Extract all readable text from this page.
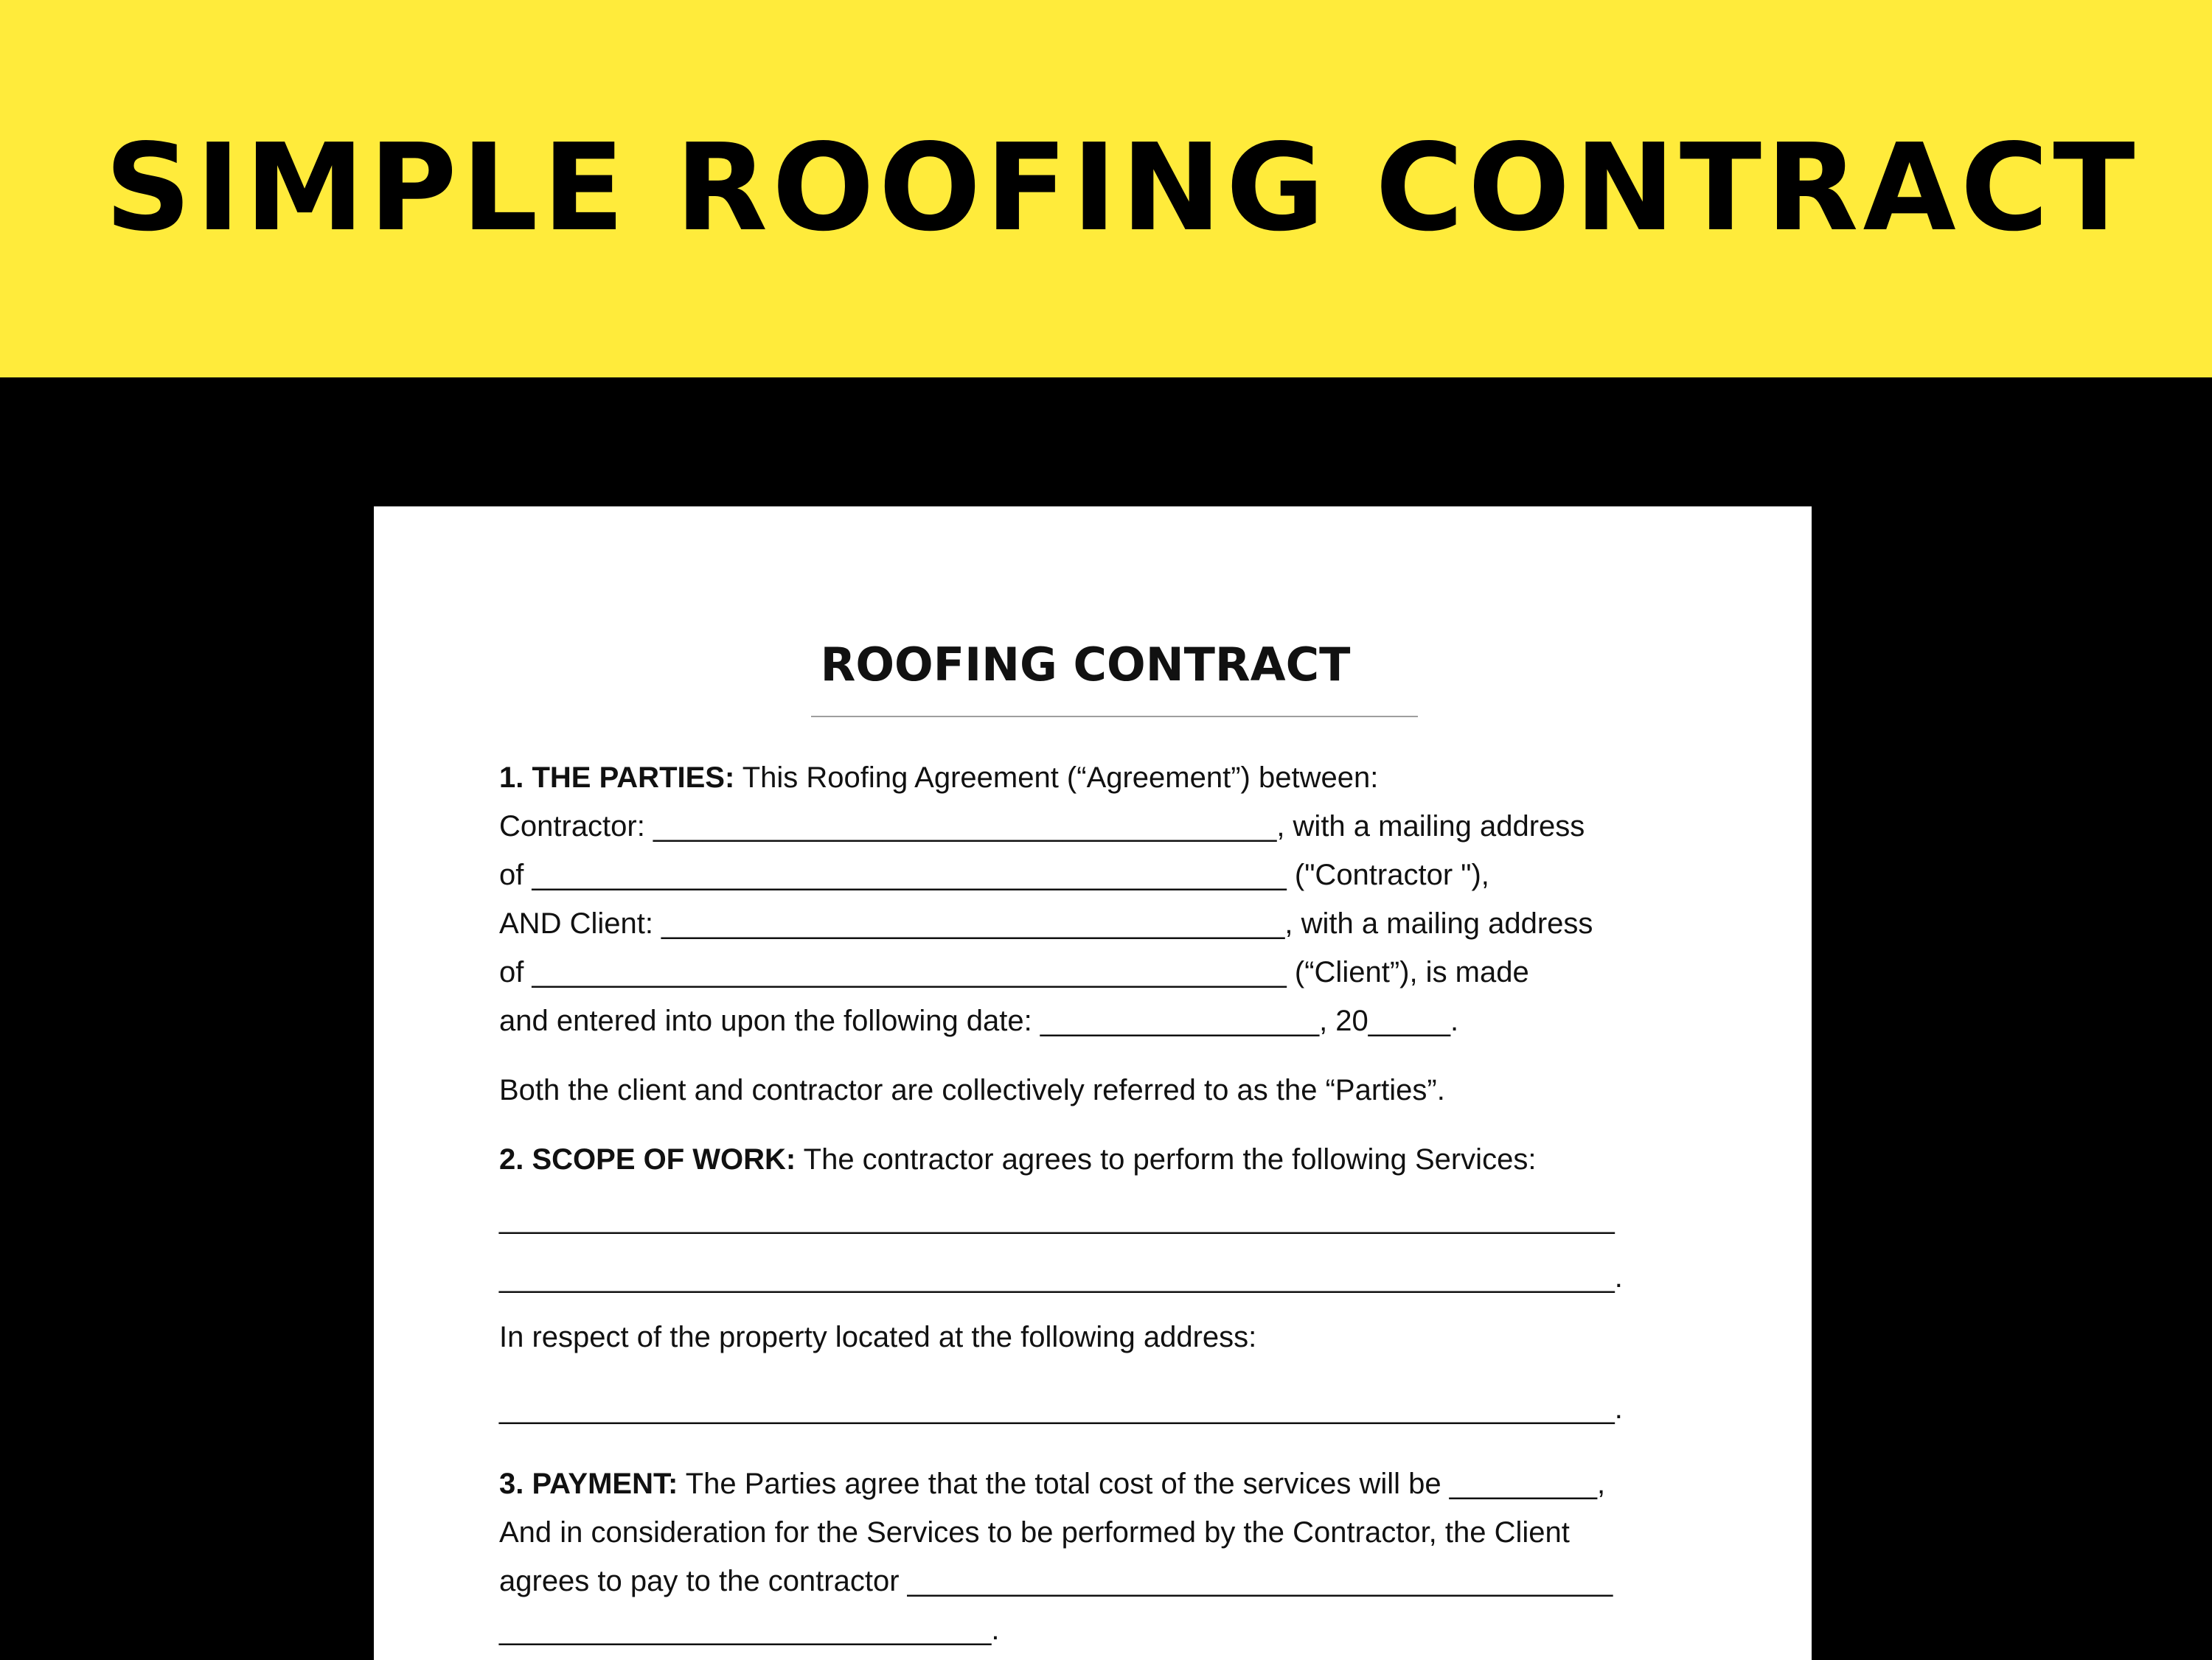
SIMPLE ROOFING CONTRACT
ROOFING CONTRACT

1. THE PARTIES: This Roofing Agreement (“Agreement”) between:

Contractor: ______________________________________, with a mailing address

of ______________________________________________ ("Contractor "),

AND Client: ______________________________________, with a mailing address

of ______________________________________________ (“Client”), is made

and entered into upon the following date: _________________, 20_____.

Both the client and contractor are collectively referred to as the “Parties”.

2. SCOPE OF WORK: The contractor agrees to perform the following Services:

____________________________________________________________________

____________________________________________________________________.

In respect of the property located at the following address:

____________________________________________________________________.

3. PAYMENT: The Parties agree that the total cost of the services will be _________,

And in consideration for the Services to be performed by the Contractor, the Client

agrees to pay to the contractor ___________________________________________

______________________________.
